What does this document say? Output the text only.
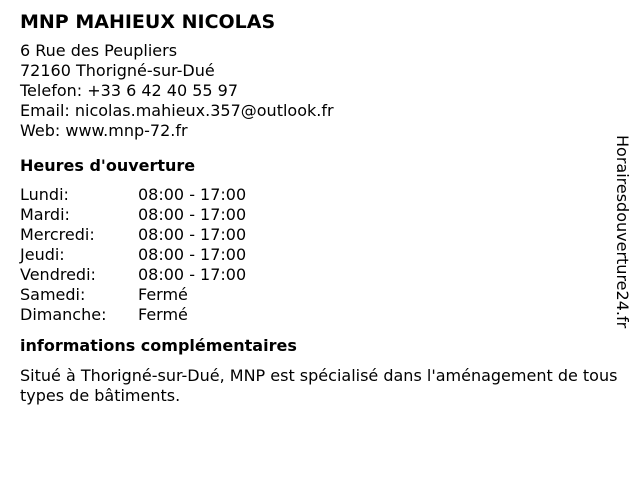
MNP MAHIEUX NICOLAS
6 Rue des Peupliers
72160 Thorigné-sur-Dué
Telefon: +33 6 42 40 55 97
Email: nicolas.mahieux.357@outlook.fr
Web: www.mnp-72.fr
Heures d'ouverture
Lundi:	08:00 - 17:00
Mardi:	08:00 - 17:00
Mercredi:	08:00 - 17:00
Jeudi:	08:00 - 17:00
Vendredi:	08:00 - 17:00
Samedi:	Fermé
Dimanche:	Fermé
informations complémentaires
Situé à Thorigné-sur-Dué, MNP est spécialisé dans l'aménagement de tous types de bâtiments.
Horairesdouverture24.fr
